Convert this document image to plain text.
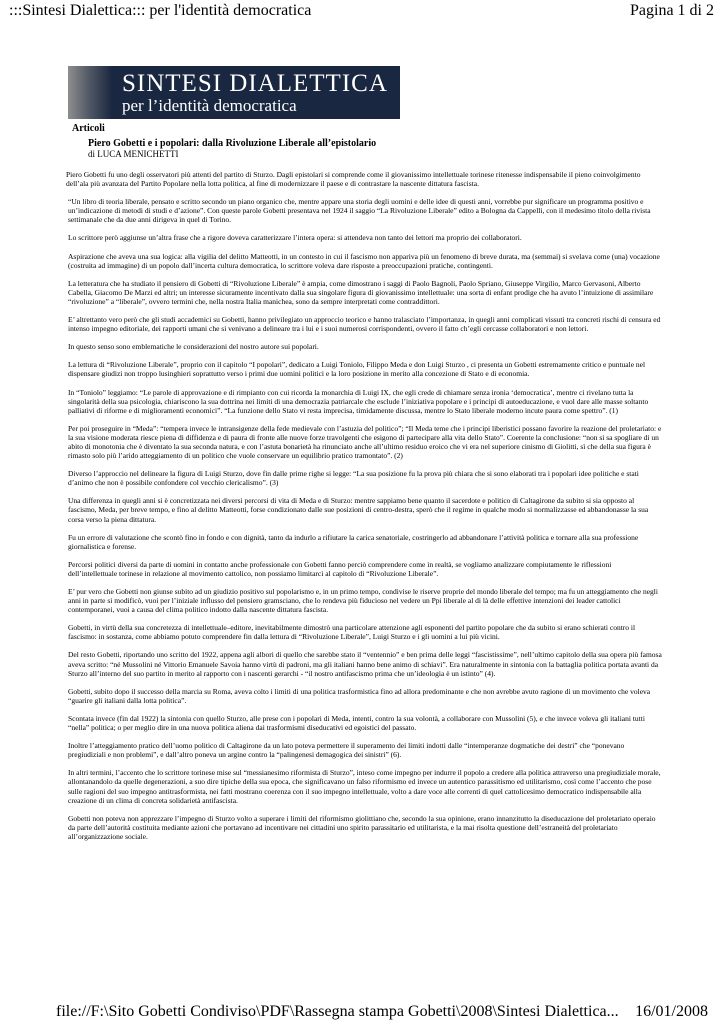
:::Sintesi Dialettica::: per l'identità democratica	Pagina 1 di 2
SINTESI DIALETTICA
per l’identità democratica
Articoli
Piero Gobetti e i popolari: dalla Rivoluzione Liberale all’epistolario
di LUCA MENICHETTI

Piero Gobetti fu uno degli osservatori più attenti del partito di Sturzo. Dagli epistolari si comprende come il giovanissimo intellettuale torinese ritenesse indispensabile il pieno coinvolgimento dell’ala più avanzata del Partito Popolare nella lotta politica, al fine di modernizzare il paese e di contrastare la nascente dittatura fascista.

“Un libro di teoria liberale, pensato e scritto secondo un piano organico che, mentre appare una storia degli uomini e delle idee di questi anni, vorrebbe pur significare un programma positivo e un’indicazione di metodi di studi e d’azione”. Con queste parole Gobetti presentava nel 1924 il saggio “La Rivoluzione Liberale” edito a Bologna da Cappelli, con il medesimo titolo della rivista settimanale che da due anni dirigeva in quel di Torino.

Lo scrittore però aggiunse un’altra frase che a rigore doveva caratterizzare l’intera opera: si attendeva non tanto dei lettori ma proprio dei collaboratori.

Aspirazione che aveva una sua logica: alla vigilia del delitto Matteotti, in un contesto in cui il fascismo non appariva più un fenomeno di breve durata, ma (semmai) si svelava come (una) vocazione (costruita ad immagine) di un popolo dall’incerta cultura democratica, lo scrittore voleva dare risposte a preoccupazioni pratiche, contingenti.

La letteratura che ha studiato il pensiero di Gobetti di “Rivoluzione Liberale” è ampia, come dimostrano i saggi di Paolo Bagnoli, Paolo Spriano, Giuseppe Virgilio, Marco Gervasoni, Alberto Cabella, Giacomo De Marzi ed altri; un interesse sicuramente incentivato dalla sua singolare figura di giovanissimo intellettuale: una sorta di enfant prodige che ha avuto l’intuizione di assimilare “rivoluzione” a “liberale”, ovvero termini che, nella nostra Italia manichea, sono da sempre interpretati come contraddittori.

E’ altrettanto vero però che gli studi accademici su Gobetti, hanno privilegiato un approccio teorico e hanno tralasciato l’importanza, in quegli anni complicati vissuti tra concreti rischi di censura ed intenso impegno editoriale, dei rapporti umani che si venivano a delineare tra i lui e i suoi numerosi corrispondenti, ovvero il fatto ch’egli cercasse collaboratori e non lettori.

In questo senso sono emblematiche le considerazioni del nostro autore sui popolari.

La lettura di “Rivoluzione Liberale”, proprio con il capitolo “I popolari”, dedicato a Luigi Toniolo, Filippo Meda e don Luigi Sturzo , ci presenta un Gobetti estremamente critico e puntuale nel dispensare giudizi non troppo lusinghieri soprattutto verso i primi due uomini politici e la loro posizione in merito alla concezione di Stato e di economia.

In “Toniolo” leggiamo: “Le parole di approvazione e di rimpianto con cui ricorda la monarchia di Luigi IX, che egli crede di chiamare senza ironia ‘democratica’, mentre ci rivelano tutta la singolarità della sua psicologia, chiariscono la sua dottrina nei limiti di una democrazia patriarcale che esclude l’iniziativa popolare e i principi di autoeducazione, e vuol dare alle masse soltanto palliativi di riforme e di miglioramenti economici”. “La funzione dello Stato vi resta imprecisa, timidamente discussa, mentre lo Stato liberale moderno incute paura come spettro”. (1)

Per poi proseguire in “Meda”: “tempera invece le intransigenze della fede medievale con l’astuzia del politico”; “Il Meda teme che i principi liberistici possano favorire la reazione del proletariato: e la sua visione moderata riesce piena di diffidenza e di paura di fronte alle nuove forze travolgenti che esigono di partecipare alla vita dello Stato”. Coerente la conclusione: “non si sa spogliare di un abito di monotonia che è diventato la sua seconda natura, e con l’astuta bonarietà ha rinunciato anche all’ultimo residuo eroico che vi era nel superiore cinismo di Giolitti, sì che della sua figura è rimasto solo più l’arido atteggiamento di un politico che vuole conservare un equilibrio pratico tramontato”. (2)

Diverso l’approccio nel delineare la figura di Luigi Sturzo, dove fin dalle prime righe si legge: “La sua posizione fu la prova più chiara che si sono elaborati tra i popolari idee politiche e stati d’animo che non è possibile confondere col vecchio clericalismo”. (3)

Una differenza in quegli anni si è concretizzata nei diversi percorsi di vita di Meda e di Sturzo: mentre sappiamo bene quanto il sacerdote e politico di Caltagirone da subito si sia opposto al fascismo, Meda, per breve tempo, e fino al delitto Matteotti, forse condizionato dalle sue posizioni di centro-destra, sperò che il regime in qualche modo si normalizzasse ed abbandonasse la sua corsa verso la piena dittatura.

Fu un errore di valutazione che scontò fino in fondo e con dignità, tanto da indurlo a rifiutare la carica senatoriale, costringerlo ad abbandonare l’attività politica e tornare alla sua professione giornalistica e forense.

Percorsi politici diversi da parte di uomini in contatto anche professionale con Gobetti fanno perciò comprendere come in realtà, se vogliamo analizzare compiutamente le riflessioni dell’intellettuale torinese in relazione al movimento cattolico, non possiamo limitarci al capitolo di “Rivoluzione Liberale”.

E’ pur vero che Gobetti non giunse subito ad un giudizio positivo sul popolarismo e, in un primo tempo, condivise le riserve proprie del mondo liberale del tempo; ma fu un atteggiamento che negli anni in parte si modificò, vuoi per l’iniziale influsso del pensiero gramsciano, che lo rendeva più fiducioso nel vedere un Ppi liberale al di là delle effettive intenzioni dei leader cattolici contemporanei, vuoi a causa del clima politico indotto dalla nascente dittatura fascista.

Gobetti, in virtù della sua concretezza di intellettuale–editore, inevitabilmente dimostrò una particolare attenzione agli esponenti del partito popolare che da subito si erano schierati contro il fascismo: in sostanza, come abbiamo potuto comprendere fin dalla lettura di “Rivoluzione Liberale”, Luigi Sturzo e i gli uomini a lui più vicini.

Del resto Gobetti, riportando uno scritto del 1922, appena agli albori di quello che sarebbe stato il “ventennio” e ben prima delle leggi “fascistissime”, nell’ultimo capitolo della sua opera più famosa aveva scritto: “né Mussolini né Vittorio Emanuele Savoia hanno virtù di padroni, ma gli italiani hanno bene animo di schiavi”. Era naturalmente in sintonia con la battaglia politica portata avanti da Sturzo all’interno del suo partito in merito al rapporto con i nascenti gerarchi - “il nostro antifascismo prima che un’ideologia è un istinto” (4).

Gobetti, subito dopo il successo della marcia su Roma, aveva colto i limiti di una politica trasformistica fino ad allora predominante e che non avrebbe avuto ragione di un movimento che voleva “guarire gli italiani dalla lotta politica”.

Scontata invece (fin dal 1922) la sintonia con quello Sturzo, alle prese con i popolari di Meda, intenti, contro la sua volontà, a collaborare con Mussolini (5), e che invece voleva gli italiani tutti “nella” politica; o per meglio dire in una nuova politica aliena dai trasformismi diseducativi ed egoistici del passato.

Inoltre l’atteggiamento pratico dell’uomo politico di Caltagirone da un lato poteva permettere il superamento dei limiti indotti dalle “intemperanze dogmatiche dei destri” che “ponevano pregiudiziali e non problemi”, e dall’altro poneva un argine contro la “palingenesi demagogica dei sinistri” (6).

In altri termini, l’accento che lo scrittore torinese mise sul “messianesimo riformista di Sturzo”, inteso come impegno per indurre il popolo a credere alla politica attraverso una pregiudiziale morale, allontanandolo da quelle degenerazioni, a suo dire tipiche della sua epoca, che significavano un falso riformismo ed invece un autentico parassitismo ed utilitarismo, così come l’accento che pose sulle ragioni del suo impegno antitrasformista, nei fatti mostrano coerenza con il suo impegno intellettuale, volto a dare voce alle correnti di quel cattolicesimo democratico indispensabile alla creazione di un clima di concreta solidarietà antifascista.

Gobetti non poteva non apprezzare l’impegno di Sturzo volto a superare i limiti del riformismo giolittiano che, secondo la sua opinione, erano innanzitutto la diseducazione del proletariato operaio da parte dell’autorità costituita mediante azioni che portavano ad incentivare nei cittadini uno spirito parassitario ed utilitarista, e la mai risolta questione dell’estraneità del proletariato all’organizzazione sociale.

file://F:\Sito Gobetti Condiviso\PDF\Rassegna stampa Gobetti\2008\Sintesi Dialettica... 16/01/2008
